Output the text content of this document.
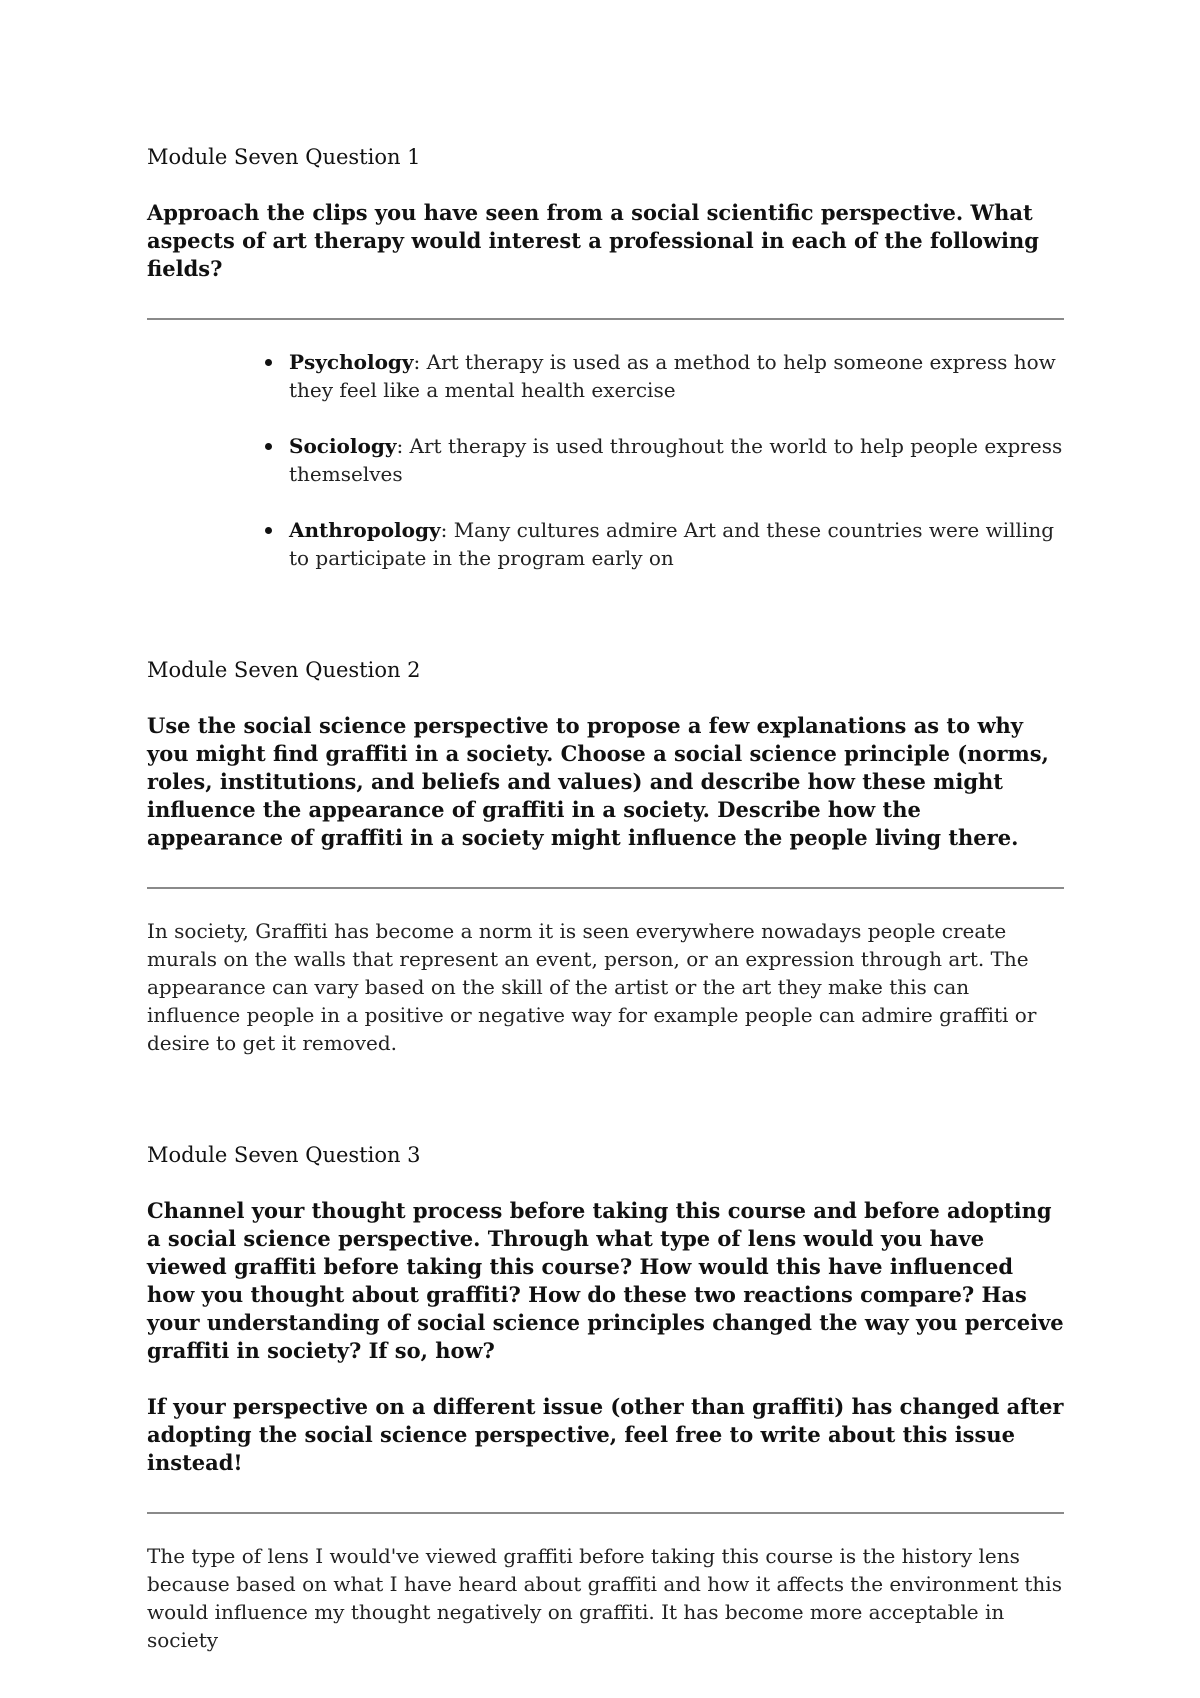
Module Seven Question 1

Approach the clips you have seen from a social scientific perspective. What aspects of art therapy would interest a professional in each of the following fields?

Psychology: Art therapy is used as a method to help someone express how they feel like a mental health exercise
Sociology: Art therapy is used throughout the world to help people express themselves
Anthropology: Many cultures admire Art and these countries were willing to participate in the program early on

Module Seven Question 2

Use the social science perspective to propose a few explanations as to why you might find graffiti in a society. Choose a social science principle (norms, roles, institutions, and beliefs and values) and describe how these might influence the appearance of graffiti in a society. Describe how the appearance of graffiti in a society might influence the people living there.

In society, Graffiti has become a norm it is seen everywhere nowadays people create murals on the walls that represent an event, person, or an expression through art. The appearance can vary based on the skill of the artist or the art they make this can influence people in a positive or negative way for example people can admire graffiti or desire to get it removed.

Module Seven Question 3

Channel your thought process before taking this course and before adopting a social science perspective. Through what type of lens would you have viewed graffiti before taking this course? How would this have influenced how you thought about graffiti? How do these two reactions compare? Has your understanding of social science principles changed the way you perceive graffiti in society? If so, how?

If your perspective on a different issue (other than graffiti) has changed after adopting the social science perspective, feel free to write about this issue instead!

The type of lens I would've viewed graffiti before taking this course is the history lens because based on what I have heard about graffiti and how it affects the environment this would influence my thought negatively on graffiti. It has become more acceptable in society
